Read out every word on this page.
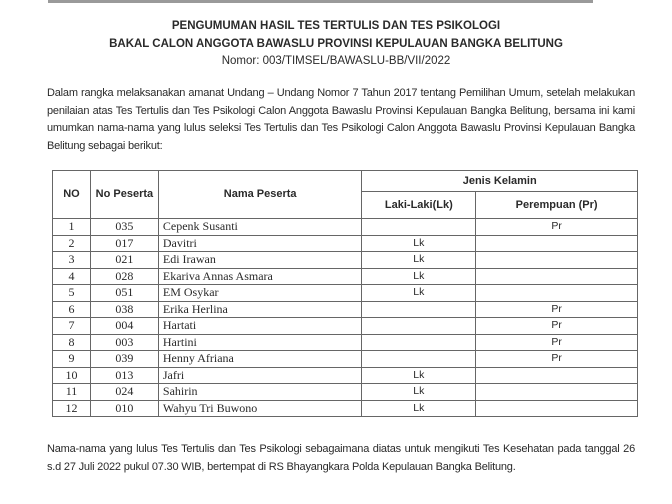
PENGUMUMAN HASIL TES TERTULIS DAN TES PSIKOLOGI
BAKAL CALON ANGGOTA BAWASLU PROVINSI KEPULAUAN BANGKA BELITUNG
Nomor: 003/TIMSEL/BAWASLU-BB/VII/2022
Dalam rangka melaksanakan amanat Undang – Undang Nomor 7 Tahun 2017 tentang Pemilihan Umum, setelah melakukan penilaian atas Tes Tertulis dan Tes Psikologi Calon Anggota Bawaslu Provinsi Kepulauan Bangka Belitung, bersama ini kami umumkan nama-nama yang lulus seleksi Tes Tertulis dan Tes Psikologi Calon Anggota Bawaslu Provinsi Kepulauan Bangka Belitung sebagai berikut:
NO	No Peserta	Nama Peserta	Jenis Kelamin	
			Laki-Laki(Lk)	Perempuan (Pr)
1	035	Cepenk Susanti		Pr
2	017	Davitri	Lk	
3	021	Edi Irawan	Lk	
4	028	Ekariva Annas Asmara	Lk	
5	051	EM Osykar	Lk	
6	038	Erika Herlina		Pr
7	004	Hartati		Pr
8	003	Hartini		Pr
9	039	Henny Afriana		Pr
10	013	Jafri	Lk	
11	024	Sahirin	Lk	
12	010	Wahyu Tri Buwono	Lk	
Nama-nama yang lulus Tes Tertulis dan Tes Psikologi sebagaimana diatas untuk mengikuti Tes Kesehatan pada tanggal 26 s.d 27 Juli 2022 pukul 07.30 WIB, bertempat di RS Bhayangkara Polda Kepulauan Bangka Belitung.
